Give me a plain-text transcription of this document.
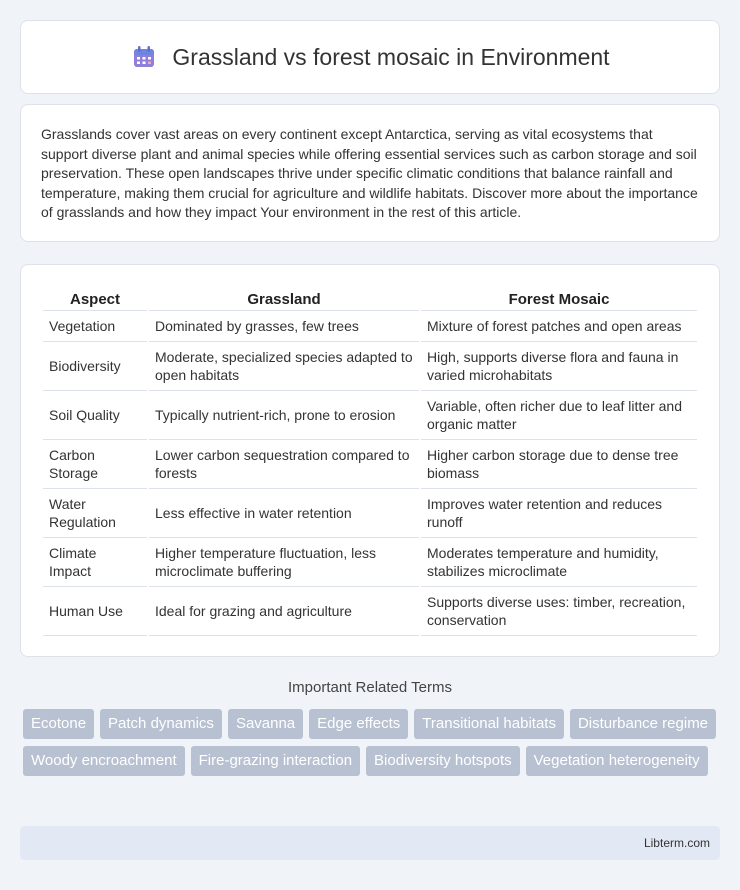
Grassland vs forest mosaic in Environment

Grasslands cover vast areas on every continent except Antarctica, serving as vital ecosystems that support diverse plant and animal species while offering essential services such as carbon storage and soil preservation. These open landscapes thrive under specific climatic conditions that balance rainfall and temperature, making them crucial for agriculture and wildlife habitats. Discover more about the importance of grasslands and how they impact Your environment in the rest of this article.

Aspect	Grassland	Forest Mosaic
Vegetation	Dominated by grasses, few trees	Mixture of forest patches and open areas
Biodiversity	Moderate, specialized species adapted to open habitats	High, supports diverse flora and fauna in varied microhabitats
Soil Quality	Typically nutrient-rich, prone to erosion	Variable, often richer due to leaf litter and organic matter
Carbon Storage	Lower carbon sequestration compared to forests	Higher carbon storage due to dense tree biomass
Water Regulation	Less effective in water retention	Improves water retention and reduces runoff
Climate Impact	Higher temperature fluctuation, less microclimate buffering	Moderates temperature and humidity, stabilizes microclimate
Human Use	Ideal for grazing and agriculture	Supports diverse uses: timber, recreation, conservation
Important Related Terms
Ecotone	Patch dynamics	Savanna	Edge effects	Transitional habitats	Disturbance regime
Woody encroachment	Fire-grazing interaction	Biodiversity hotspots	Vegetation heterogeneity
Libterm.com
